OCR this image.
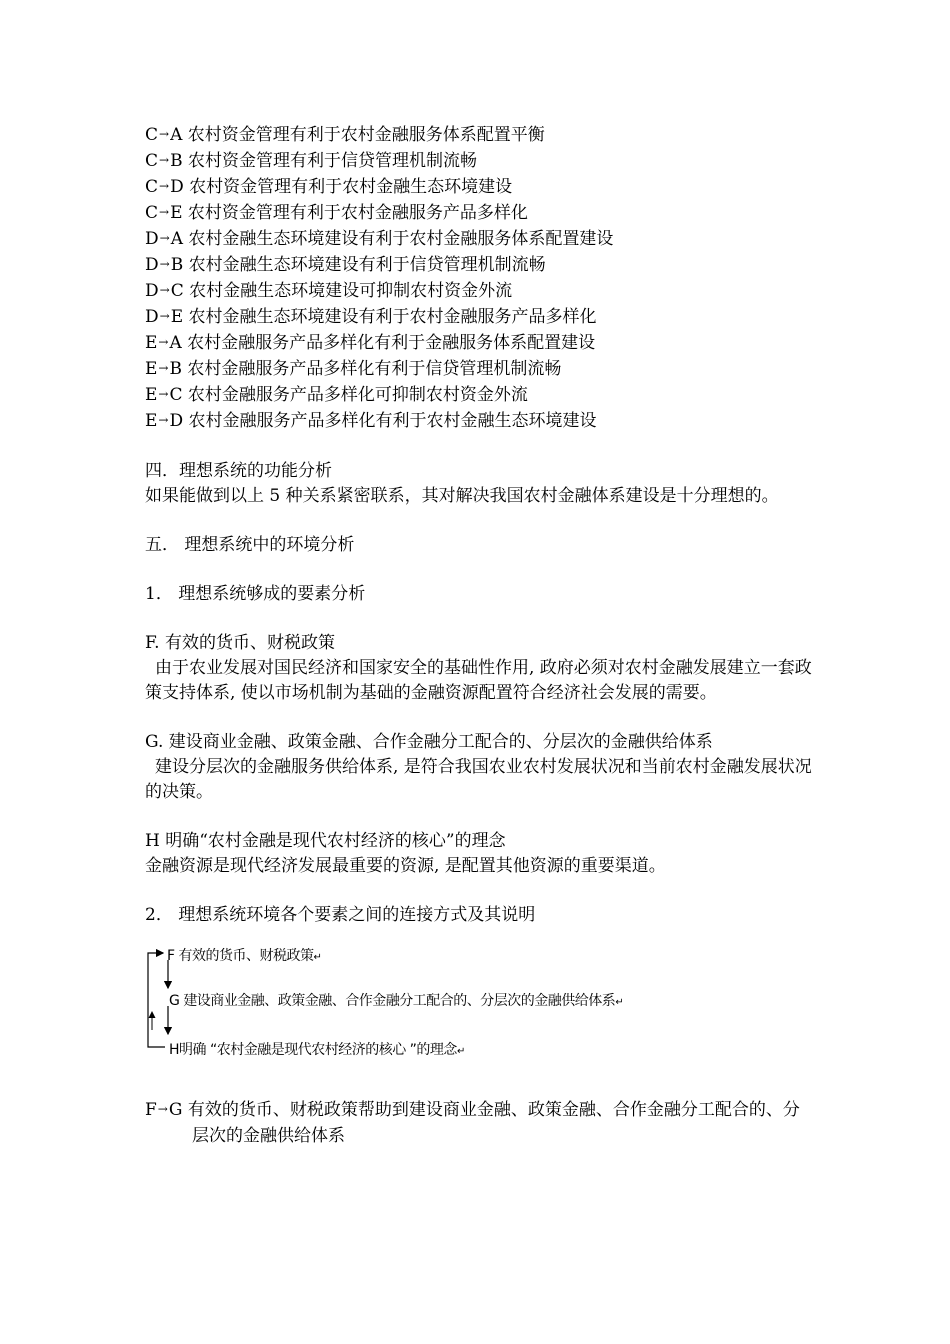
C→A 农村资金管理有利于农村金融服务体系配置平衡
C→B 农村资金管理有利于信贷管理机制流畅
C→D 农村资金管理有利于农村金融生态环境建设
C→E 农村资金管理有利于农村金融服务产品多样化
D→A 农村金融生态环境建设有利于农村金融服务体系配置建设
D→B 农村金融生态环境建设有利于信贷管理机制流畅
D→C 农村金融生态环境建设可抑制农村资金外流
D→E 农村金融生态环境建设有利于农村金融服务产品多样化
E→A 农村金融服务产品多样化有利于金融服务体系配置建设
E→B 农村金融服务产品多样化有利于信贷管理机制流畅
E→C 农村金融服务产品多样化可抑制农村资金外流
E→D 农村金融服务产品多样化有利于农村金融生态环境建设
四．理想系统的功能分析
如果能做到以上 5 种关系紧密联系，其对解决我国农村金融体系建设是十分理想的。
五． 理想系统中的环境分析
1． 理想系统够成的要素分析
F. 有效的货币、财税政策
由于农业发展对国民经济和国家安全的基础性作用, 政府必须对农村金融发展建立一套政策支持体系, 使以市场机制为基础的金融资源配置符合经济社会发展的需要。
G. 建设商业金融、政策金融、合作金融分工配合的、分层次的金融供给体系
建设分层次的金融服务供给体系, 是符合我国农业农村发展状况和当前农村金融发展状况的决策。
H 明确“农村金融是现代农村经济的核心”的理念
金融资源是现代经济发展最重要的资源, 是配置其他资源的重要渠道。
2． 理想系统环境各个要素之间的连接方式及其说明
F 有效的货币、财税政策↵
G 建设商业金融、政策金融、合作金融分工配合的、分层次的金融供给体系↵
H明确 “农村金融是现代农村经济的核心 ”的理念↵
F→G 有效的货币、财税政策帮助到建设商业金融、政策金融、合作金融分工配合的、分层次的金融供给体系
